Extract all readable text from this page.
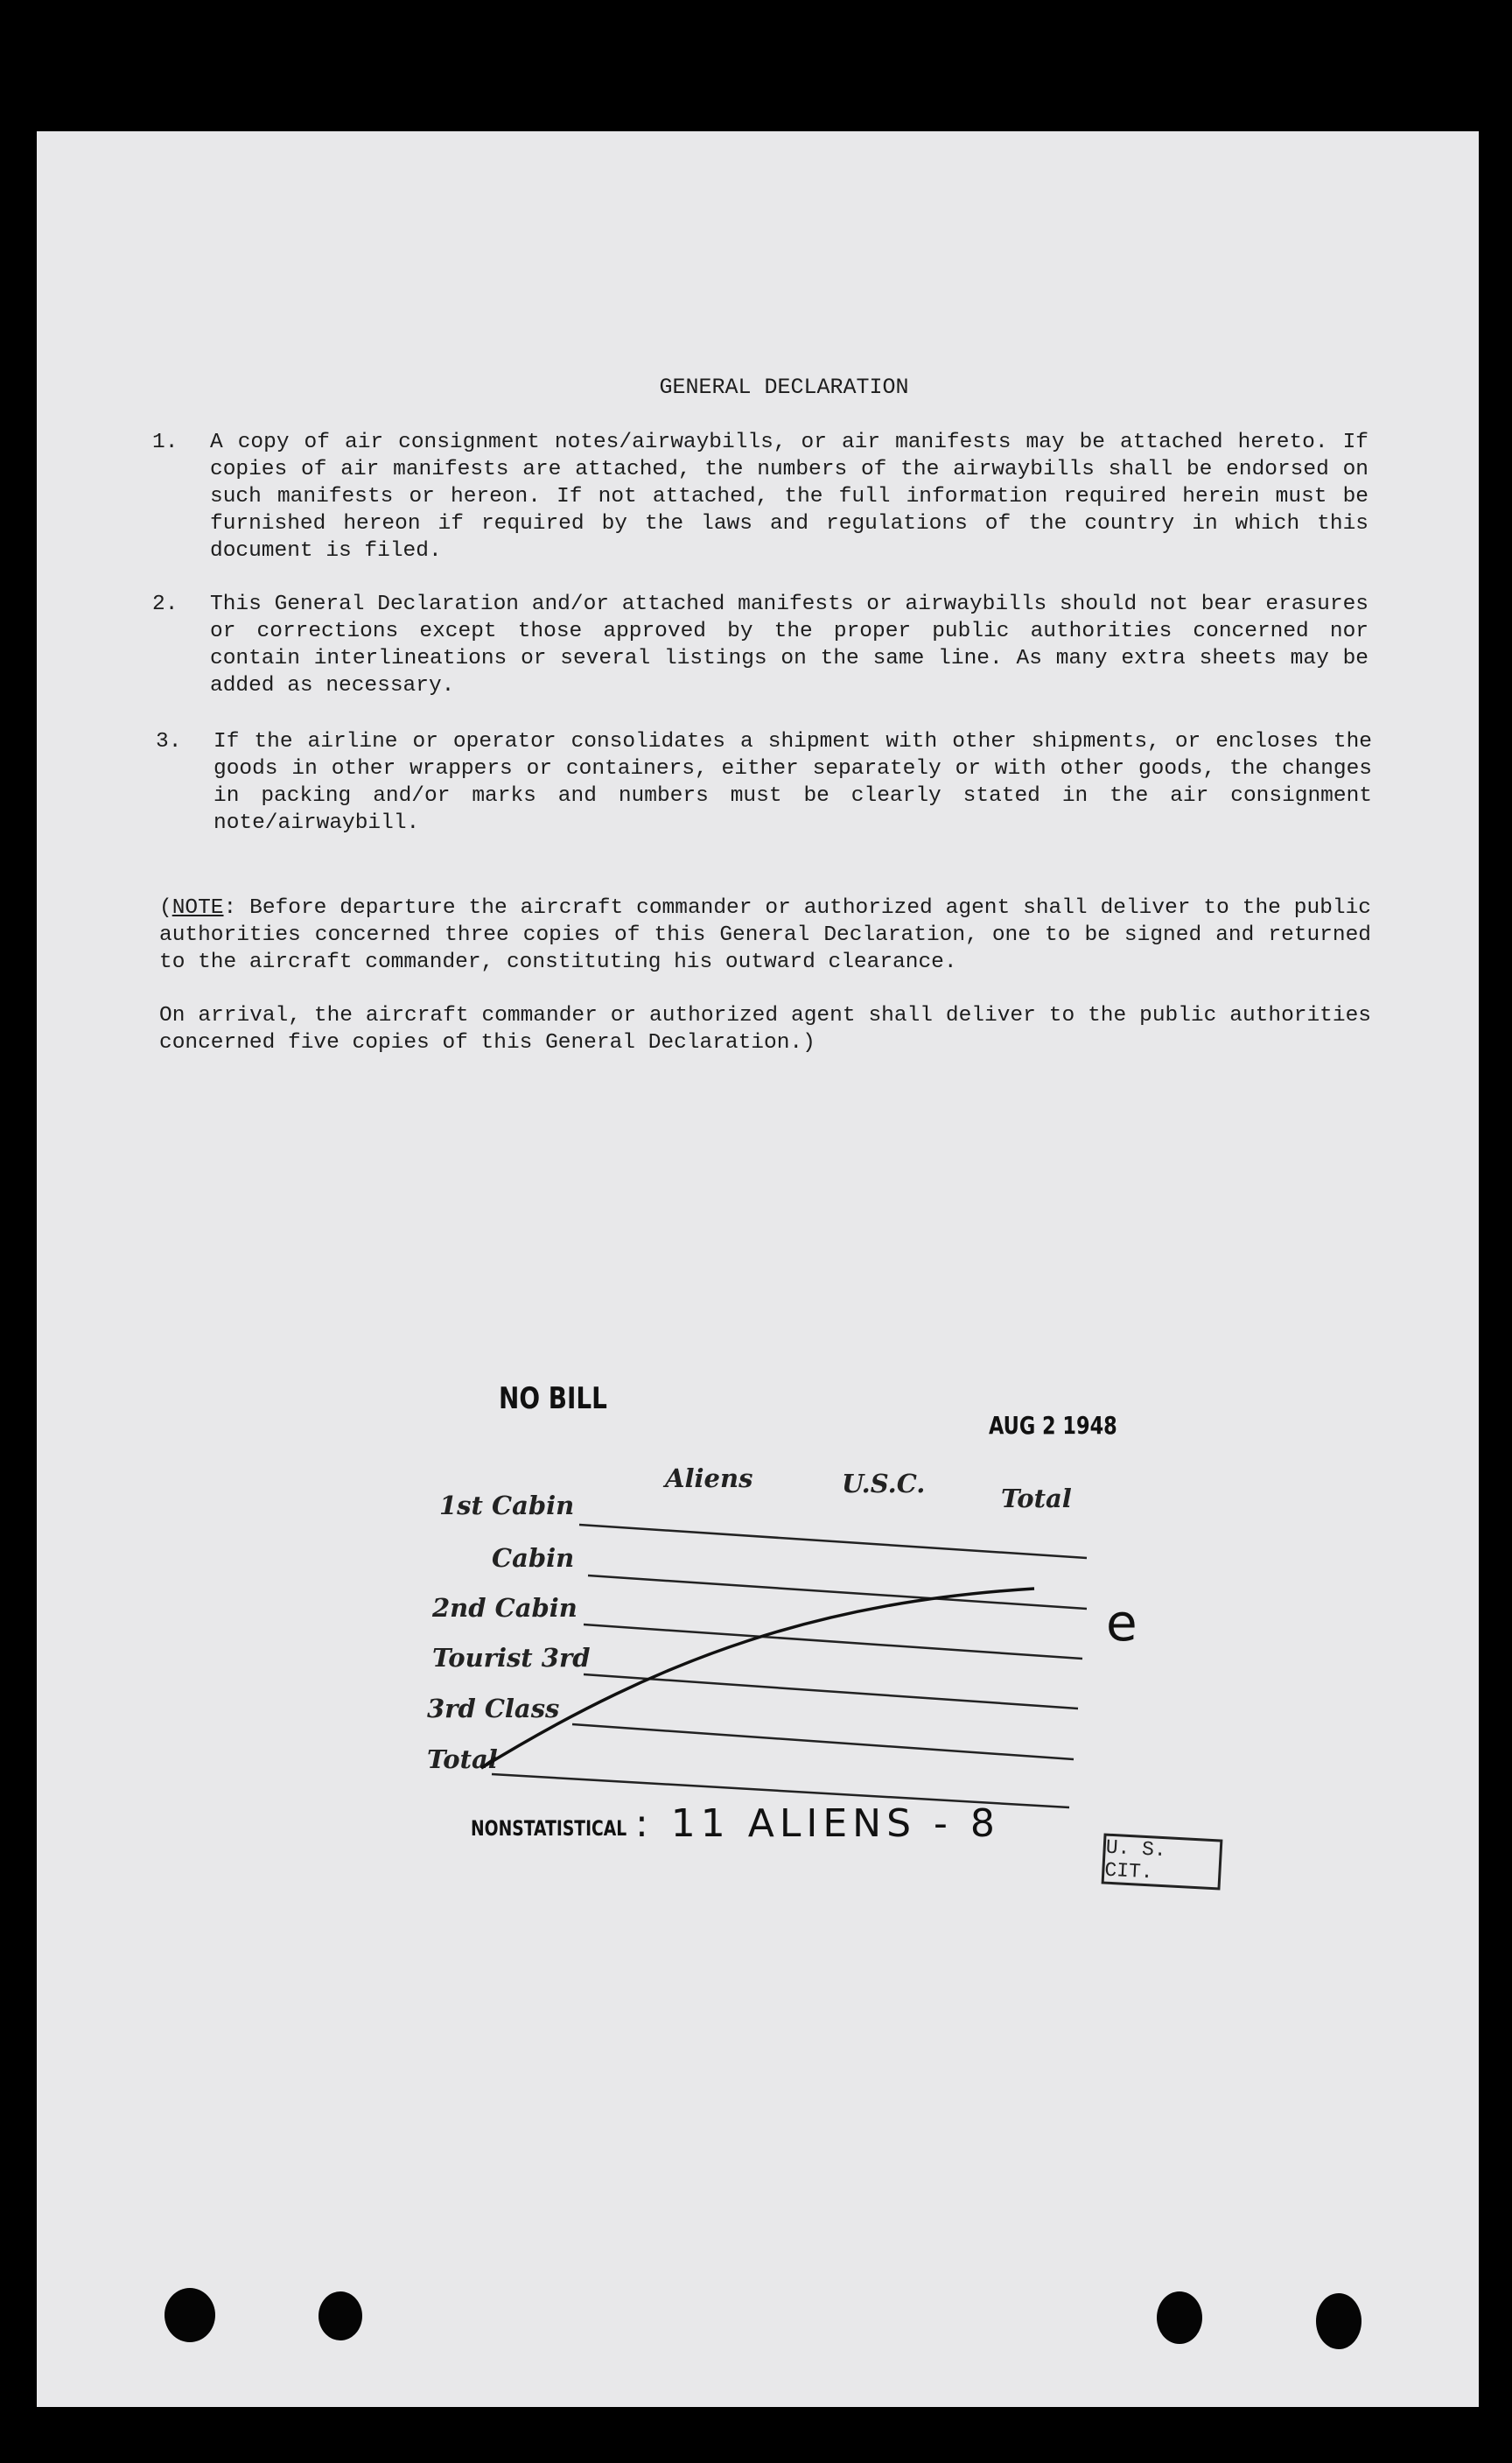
GENERAL DECLARATION
1. A copy of air consignment notes/airwaybills, or air manifests may be attached hereto. If copies of air manifests are attached, the numbers of the airwaybills shall be endorsed on such manifests or hereon. If not attached, the full information required herein must be furnished hereon if required by the laws and regulations of the country in which this document is filed.
2. This General Declaration and/or attached manifests or airwaybills should not bear erasures or corrections except those approved by the proper public authorities concerned nor contain interlineations or several listings on the same line. As many extra sheets may be added as necessary.
3. If the airline or operator consolidates a shipment with other shipments, or encloses the goods in other wrappers or containers, either separately or with other goods, the changes in packing and/or marks and numbers must be clearly stated in the air consignment note/airwaybill.
(NOTE: Before departure the aircraft commander or authorized agent shall deliver to the public authorities concerned three copies of this General Declaration, one to be signed and returned to the aircraft commander, constituting his outward clearance.
On arrival, the aircraft commander or authorized agent shall deliver to the public authorities concerned five copies of this General Declaration.)
NO BILL
AUG 2 1948
Aliens	U.S.C.	Total
1st Cabin
Cabin
2nd Cabin
Tourist 3rd
3rd Class
Total
e
NONSTATISTICAL : 11 ALIENS - 8
U. S. CIT.
